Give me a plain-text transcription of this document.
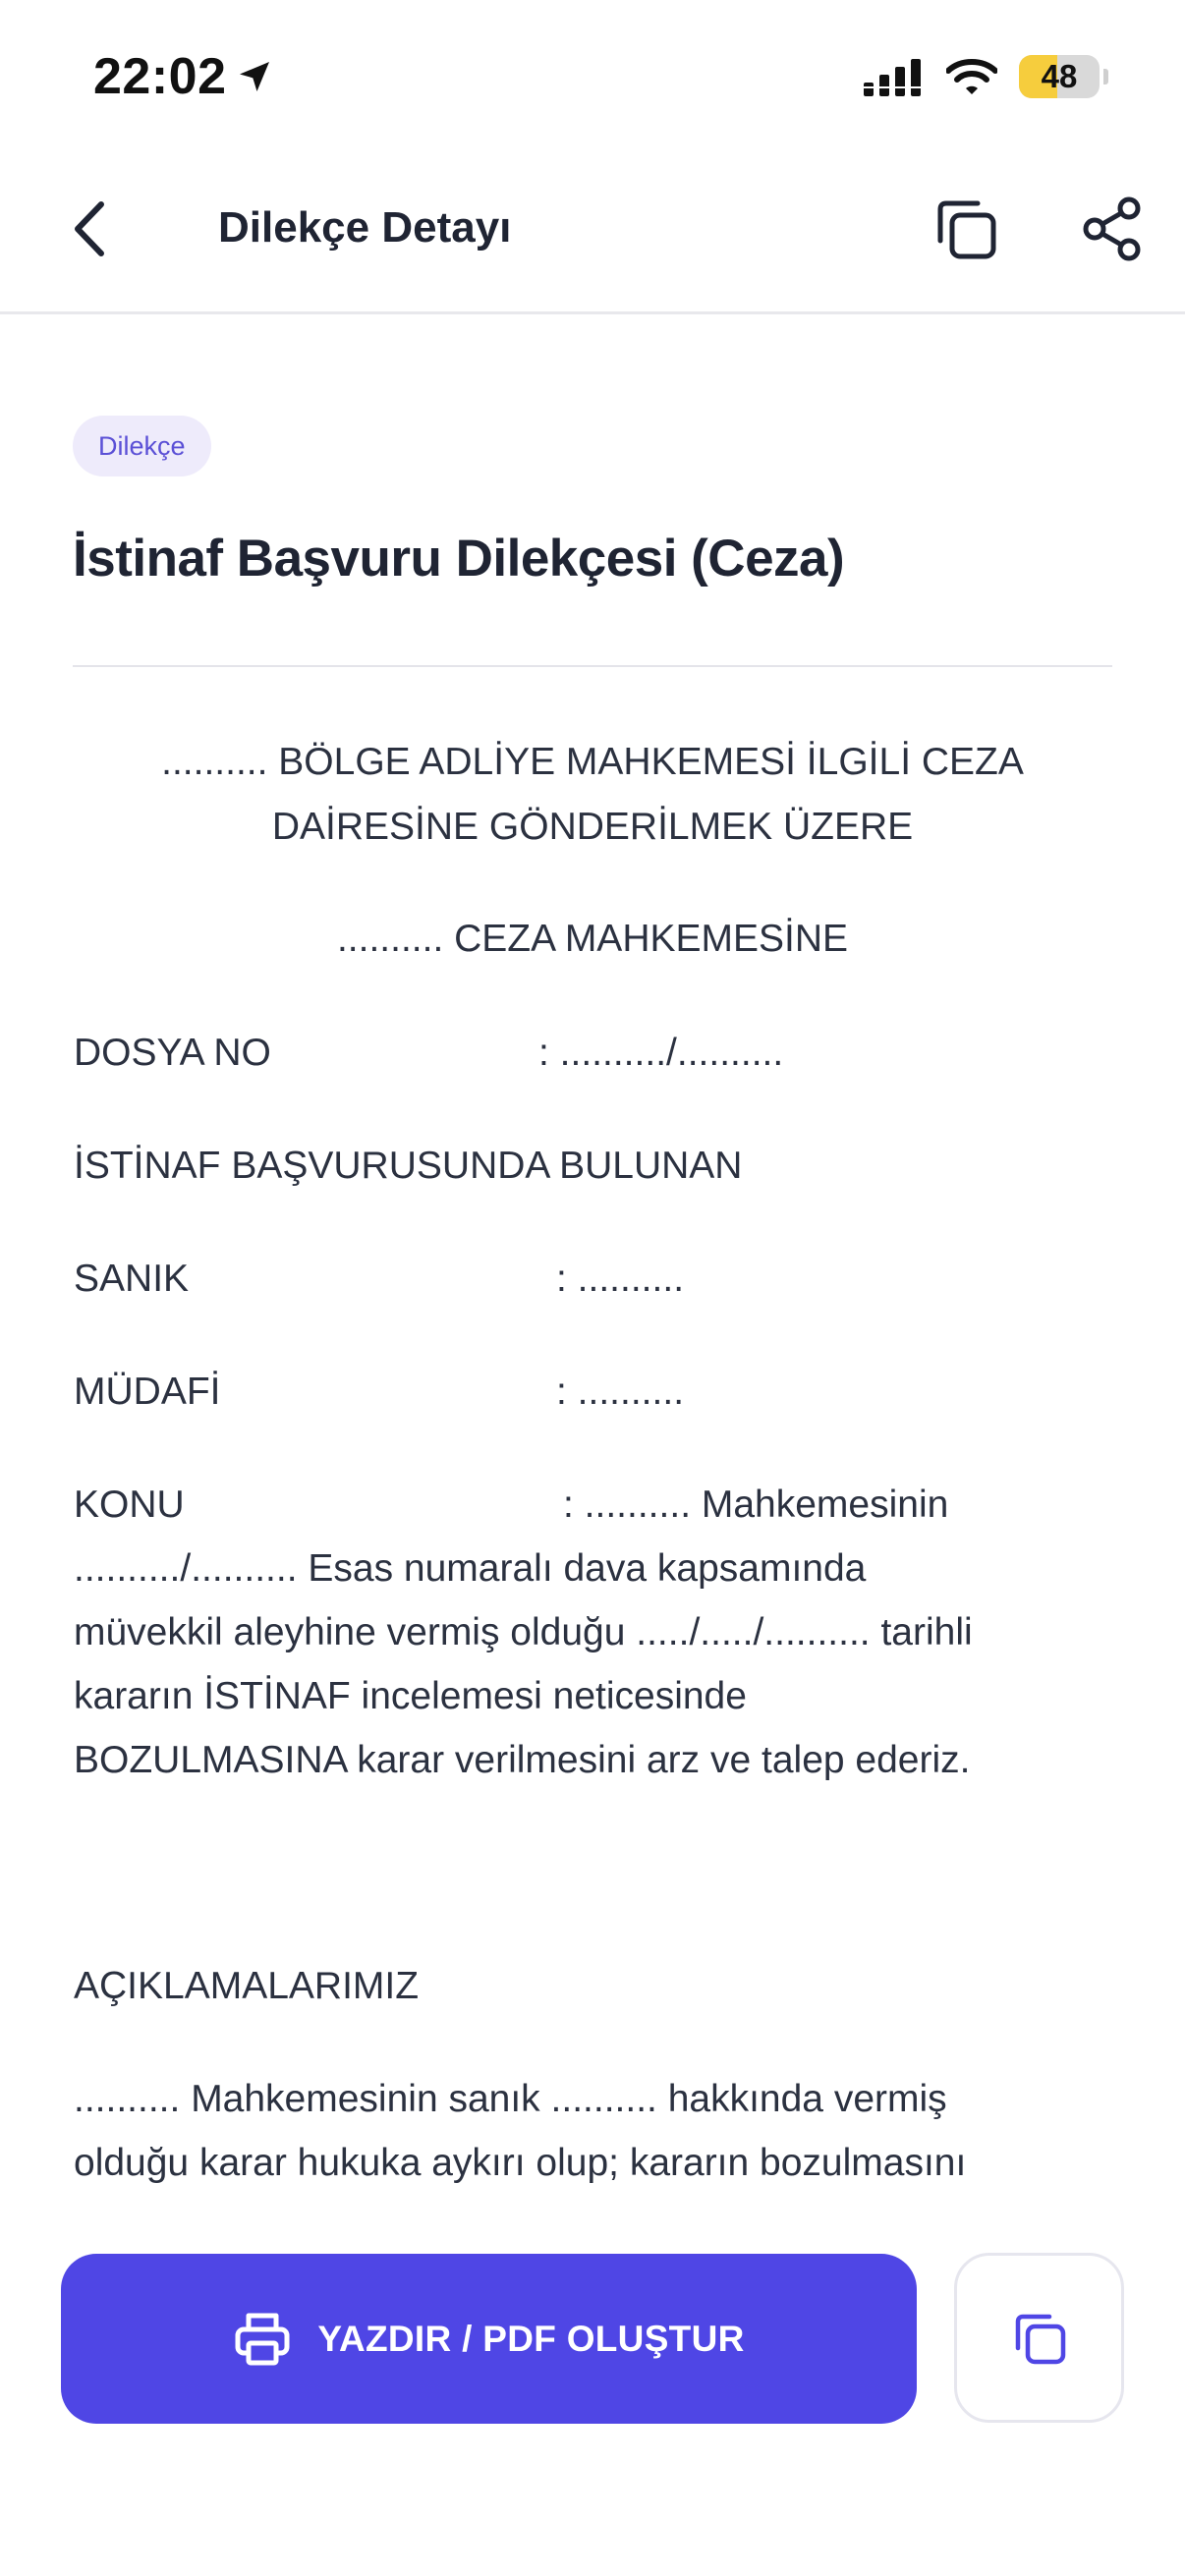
22:02	48
Dilekçe Detayı
Dilekçe
İstinaf Başvuru Dilekçesi (Ceza)
.......... BÖLGE ADLİYE MAHKEMESİ İLGİLİ CEZA
DAİRESİNE GÖNDERİLMEK ÜZERE
.......... CEZA MAHKEMESİNE
DOSYA NO	: ........../..........
İSTİNAF BAŞVURUSUNDA BULUNAN
SANIK	: ..........
MÜDAFİ	: ..........
KONU	: .......... Mahkemesinin
........../.......... Esas numaralı dava kapsamında
müvekkil aleyhine vermiş olduğu ...../...../.......... tarihli
kararın İSTİNAF incelemesi neticesinde
BOZULMASINA karar verilmesini arz ve talep ederiz.
AÇIKLAMALARIMIZ
.......... Mahkemesinin sanık .......... hakkında vermiş
olduğu karar hukuka aykırı olup; kararın bozulmasını
YAZDIR / PDF OLUŞTUR
